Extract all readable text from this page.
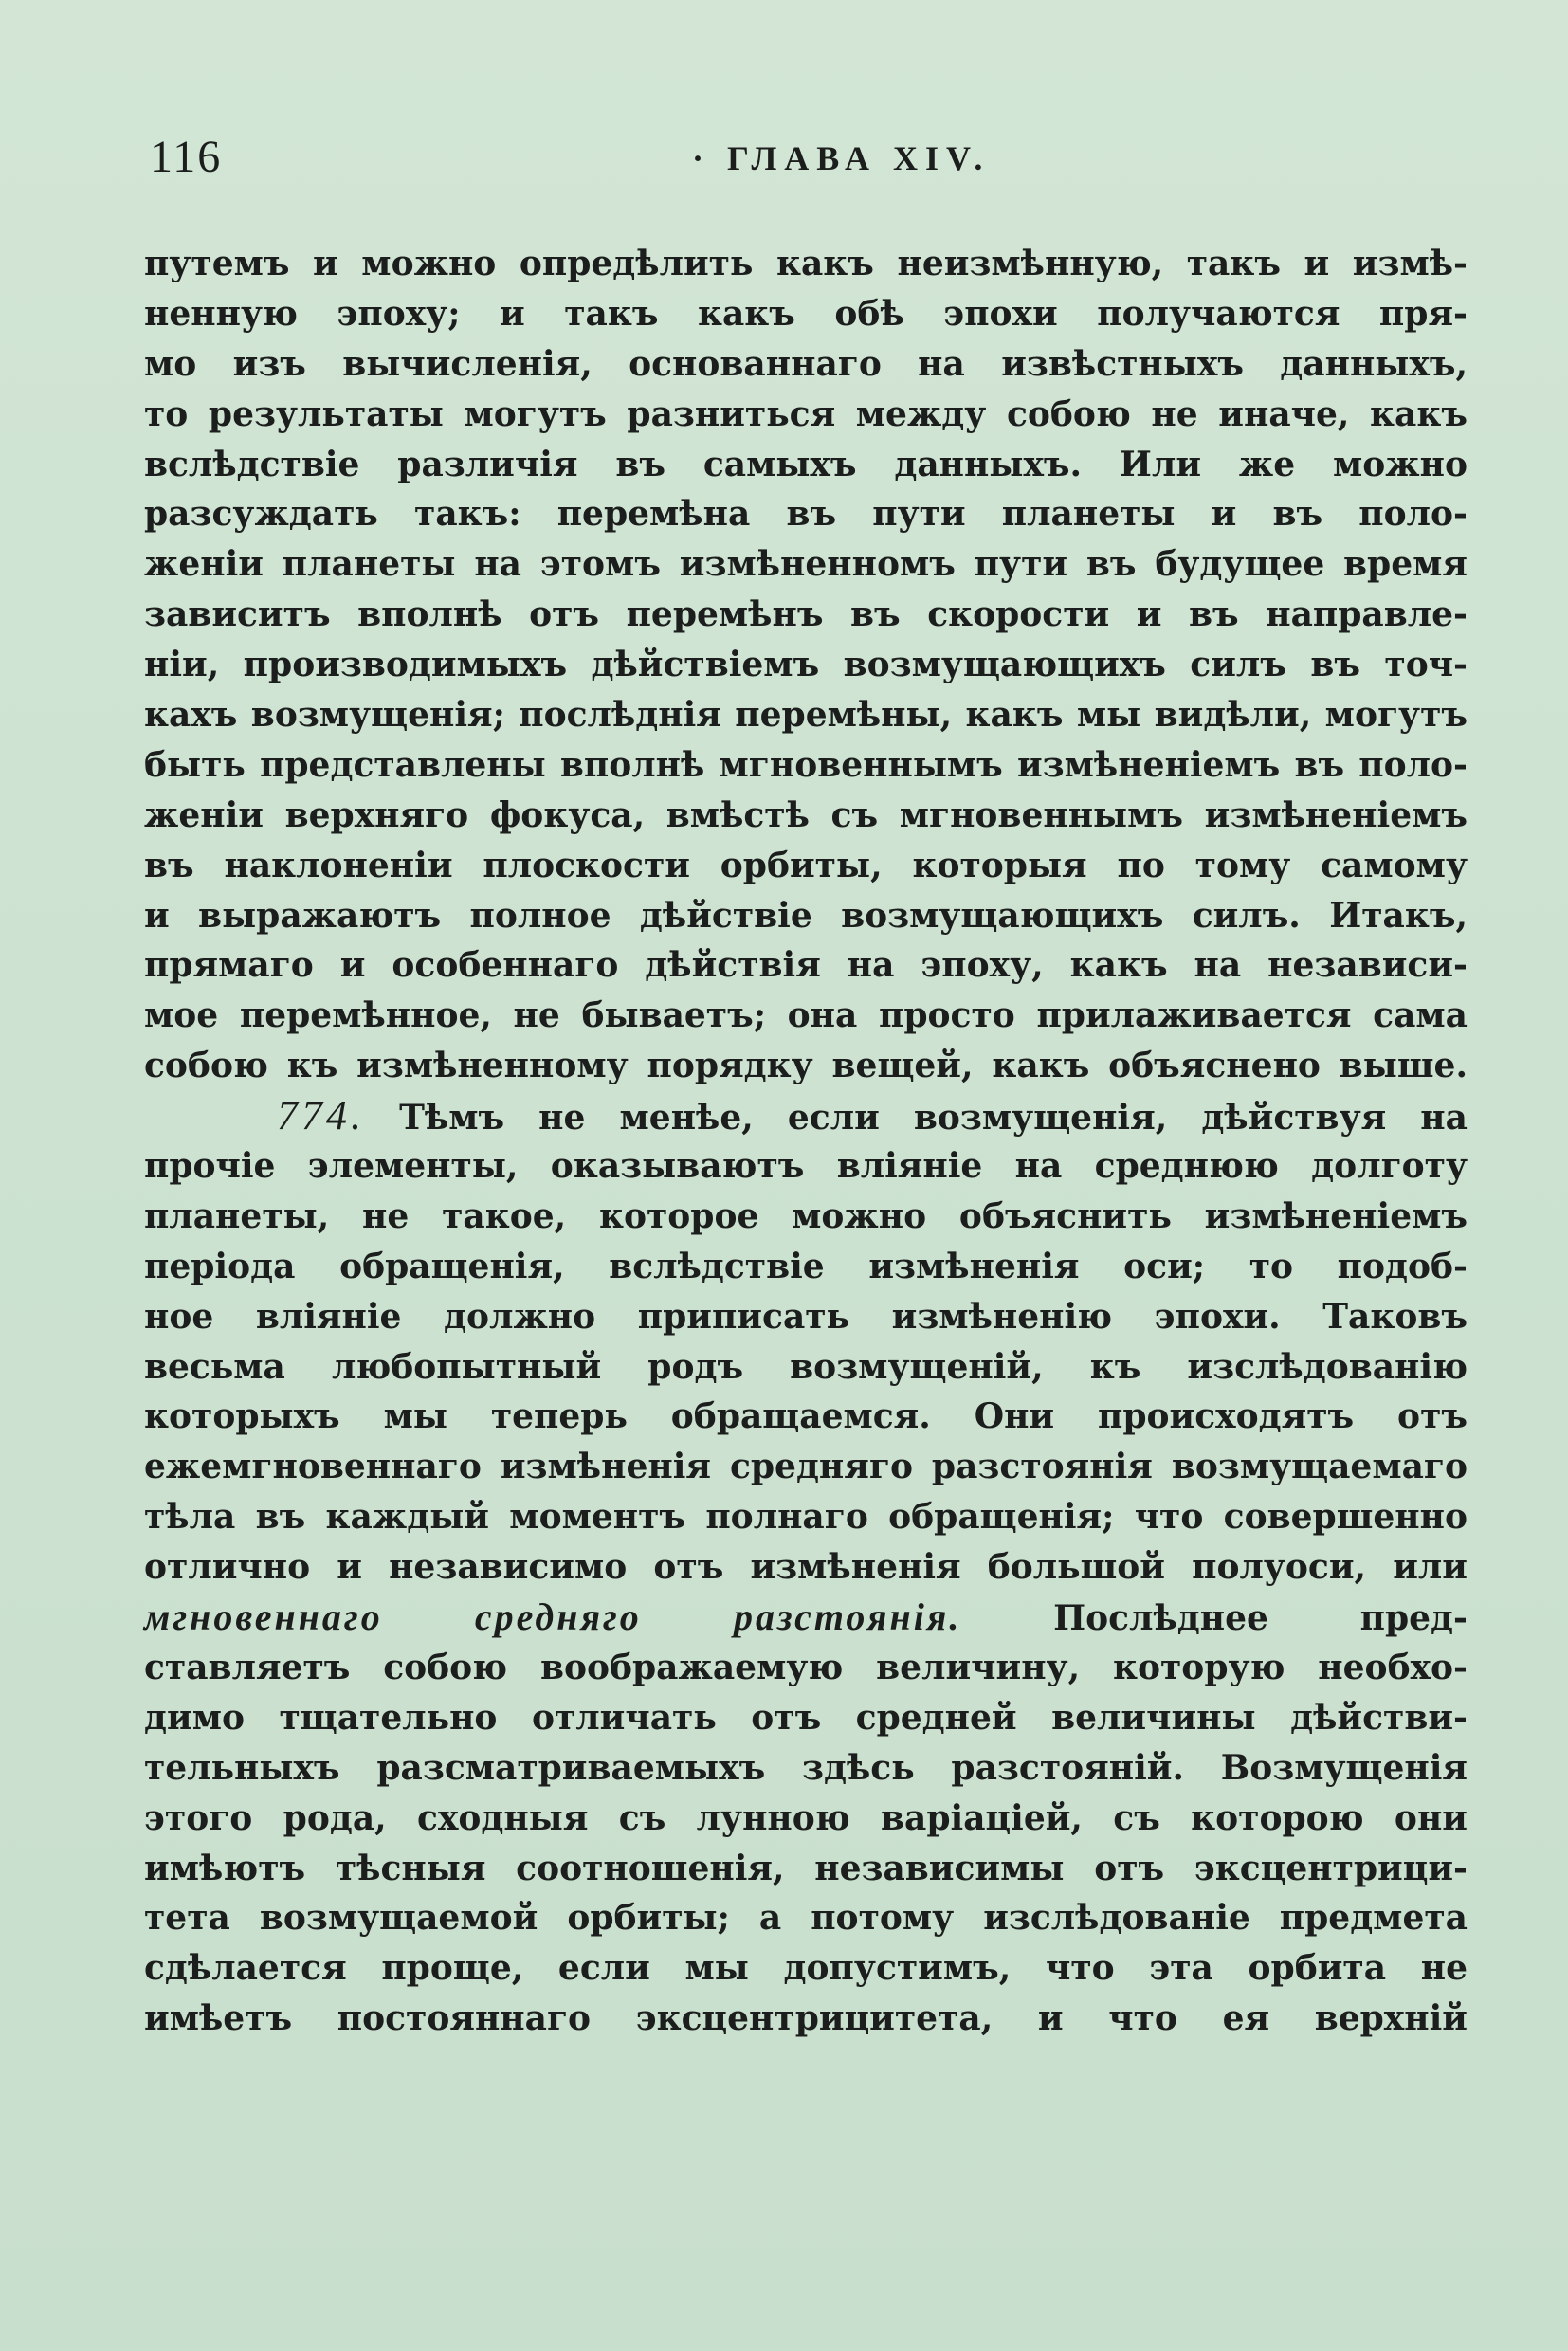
116	· ГЛАВА XIV.
путемъ и можно опредѣлить какъ неизмѣнную, такъ и измѣ-
ненную эпоху; и такъ какъ обѣ эпохи получаются пря-
мо изъ вычисленія, основаннаго на извѣстныхъ данныхъ,
то результаты могутъ разниться между собою не иначе, какъ
вслѣдствіе различія въ самыхъ данныхъ. Или же можно
разсуждать такъ: перемѣна въ пути планеты и въ поло-
женіи планеты на этомъ измѣненномъ пути въ будущее время
зависитъ вполнѣ отъ перемѣнъ въ скорости и въ направле-
ніи, производимыхъ дѣйствіемъ возмущающихъ силъ въ точ-
кахъ возмущенія; послѣднія перемѣны, какъ мы видѣли, могутъ
быть представлены вполнѣ мгновеннымъ измѣненіемъ въ поло-
женіи верхняго фокуса, вмѣстѣ съ мгновеннымъ измѣненіемъ
въ наклоненіи плоскости орбиты, которыя по тому самому
и выражаютъ полное дѣйствіе возмущающихъ силъ. Итакъ,
прямаго и особеннаго дѣйствія на эпоху, какъ на независи-
мое перемѣнное, не бываетъ; она просто прилаживается сама
собою къ измѣненному порядку вещей, какъ объяснено выше.
774. Тѣмъ не менѣе, если возмущенія, дѣйствуя на
прочіе элементы, оказываютъ вліяніе на среднюю долготу
планеты, не такое, которое можно объяснить измѣненіемъ
періода обращенія, вслѣдствіе измѣненія оси; то подоб-
ное вліяніе должно приписать измѣненію эпохи. Таковъ
весьма любопытный родъ возмущеній, къ изслѣдованію
которыхъ мы теперь обращаемся. Они происходятъ отъ
ежемгновеннаго измѣненія средняго разстоянія возмущаемаго
тѣла въ каждый моментъ полнаго обращенія; что совершенно
отлично и независимо отъ измѣненія большой полуоси, или
мгновеннаго средняго разстоянія.	Послѣднее пред-
ставляетъ собою воображаемую величину, которую необхо-
димо тщательно отличать отъ средней величины дѣйстви-
тельныхъ разсматриваемыхъ здѣсь разстояній. Возмущенія
этого рода, сходныя съ лунною варіаціей, съ которою они
имѣютъ тѣсныя соотношенія, независимы отъ эксцентрици-
тета возмущаемой орбиты; а потому изслѣдованіе предмета
сдѣлается проще, если мы допустимъ, что эта орбита не
имѣетъ постояннаго эксцентрицитета, и что ея верхній
